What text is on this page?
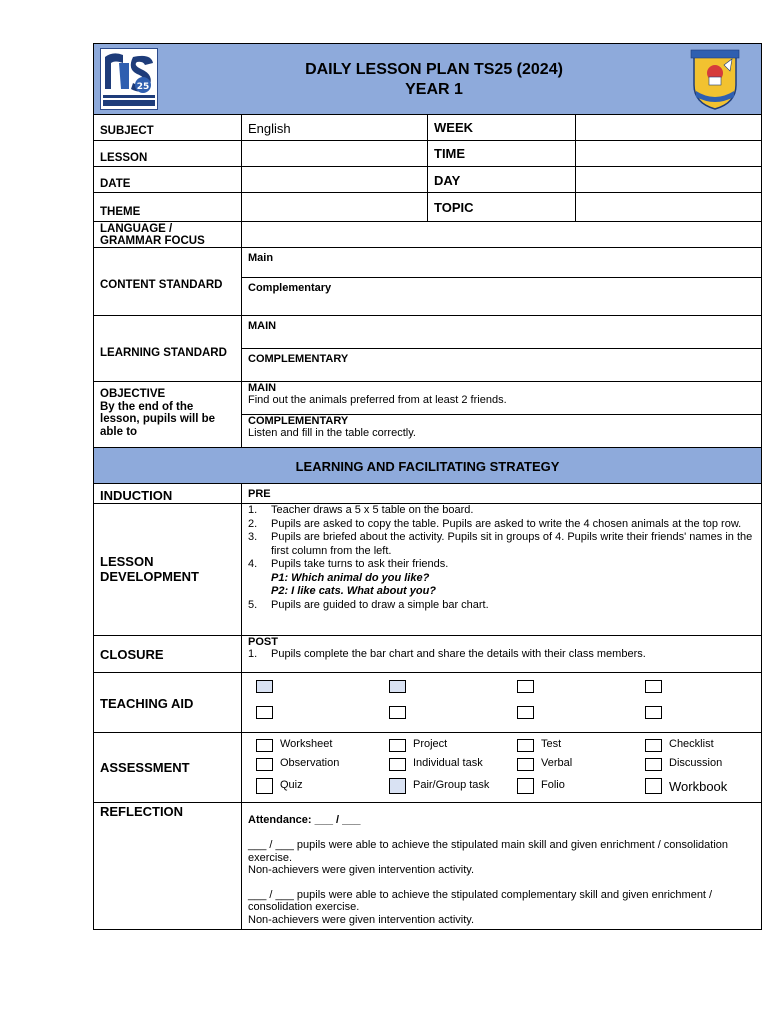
25
DAILY LESSON PLAN TS25 (2024)
YEAR 1
SUBJECT	English	WEEK
LESSON	TIME
DATE	DAY
THEME	TOPIC
LANGUAGE / GRAMMAR FOCUS
CONTENT STANDARD
Main
Complementary
LEARNING STANDARD
MAIN
COMPLEMENTARY
OBJECTIVE
By the end of the lesson, pupils will be able to
MAIN
Find out the animals preferred from at least 2 friends.
COMPLEMENTARY
Listen and fill in the table correctly.
LEARNING AND FACILITATING STRATEGY
INDUCTION	PRE
LESSON DEVELOPMENT
1. Teacher draws a 5 x 5 table on the board.
2. Pupils are asked to copy the table. Pupils are asked to write the 4 chosen animals at the top row.
3. Pupils are briefed about the activity. Pupils sit in groups of 4. Pupils write their friends' names in the first column from the left.
4. Pupils take turns to ask their friends.
P1: Which animal do you like?
P2: I like cats. What about you?
5. Pupils are guided to draw a simple bar chart.
CLOSURE
POST
1. Pupils complete the bar chart and share the details with their class members.
TEACHING AID
ASSESSMENT
Worksheet	Project	Test	Checklist
Observation	Individual task	Verbal	Discussion
Quiz	Pair/Group task	Folio	Workbook
REFLECTION
Attendance: ___ / ___
___ / ___ pupils were able to achieve the stipulated main skill and given enrichment / consolidation exercise.
Non-achievers were given intervention activity.
___ / ___ pupils were able to achieve the stipulated complementary skill and given enrichment / consolidation exercise.
Non-achievers were given intervention activity.
